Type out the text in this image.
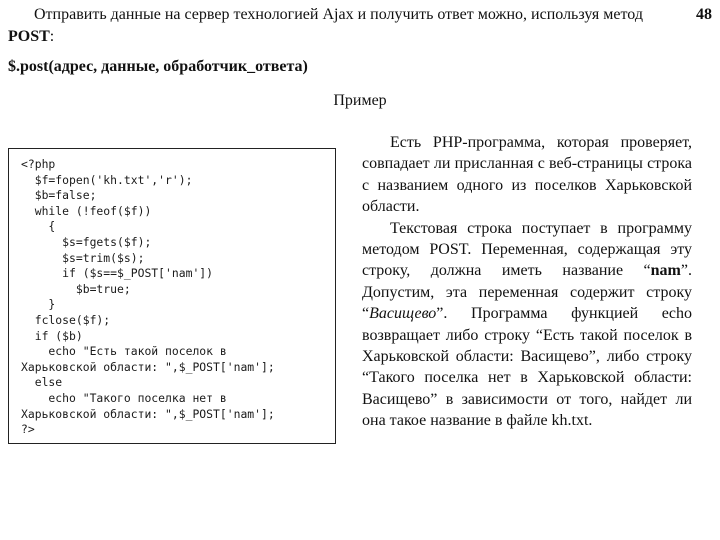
Отправить данные на сервер технологией Ajax и получить ответ можно, используя метод POST:
48
$.post(адрес, данные, обработчик_ответа)
Пример
<?php
$f=fopen('kh.txt','r');
$b=false;
while (!feof($f))
{
$s=fgets($f);
$s=trim($s);
if ($s==$_POST['nam'])
$b=true;
}
fclose($f);
if ($b)
echo "Есть такой поселок в
Харьковской области: ",$_POST['nam'];
else
echo "Такого поселка нет в
Харьковской области: ",$_POST['nam'];
?>

Есть PHP-программа, которая проверяет, совпадает ли присланная с веб-страницы строка с названием одного из поселков Харьковской области.

Текстовая строка поступает в программу методом POST. Переменная, содержащая эту строку, должна иметь название “nam”. Допустим, эта переменная содержит строку “Васищево”. Программа функцией echo возвращает либо строку “Есть такой поселок в Харьковской области: Васищево”, либо строку “Такого поселка нет в Харьковской области: Васищево” в зависимости от того, найдет ли она такое название в файле kh.txt.
